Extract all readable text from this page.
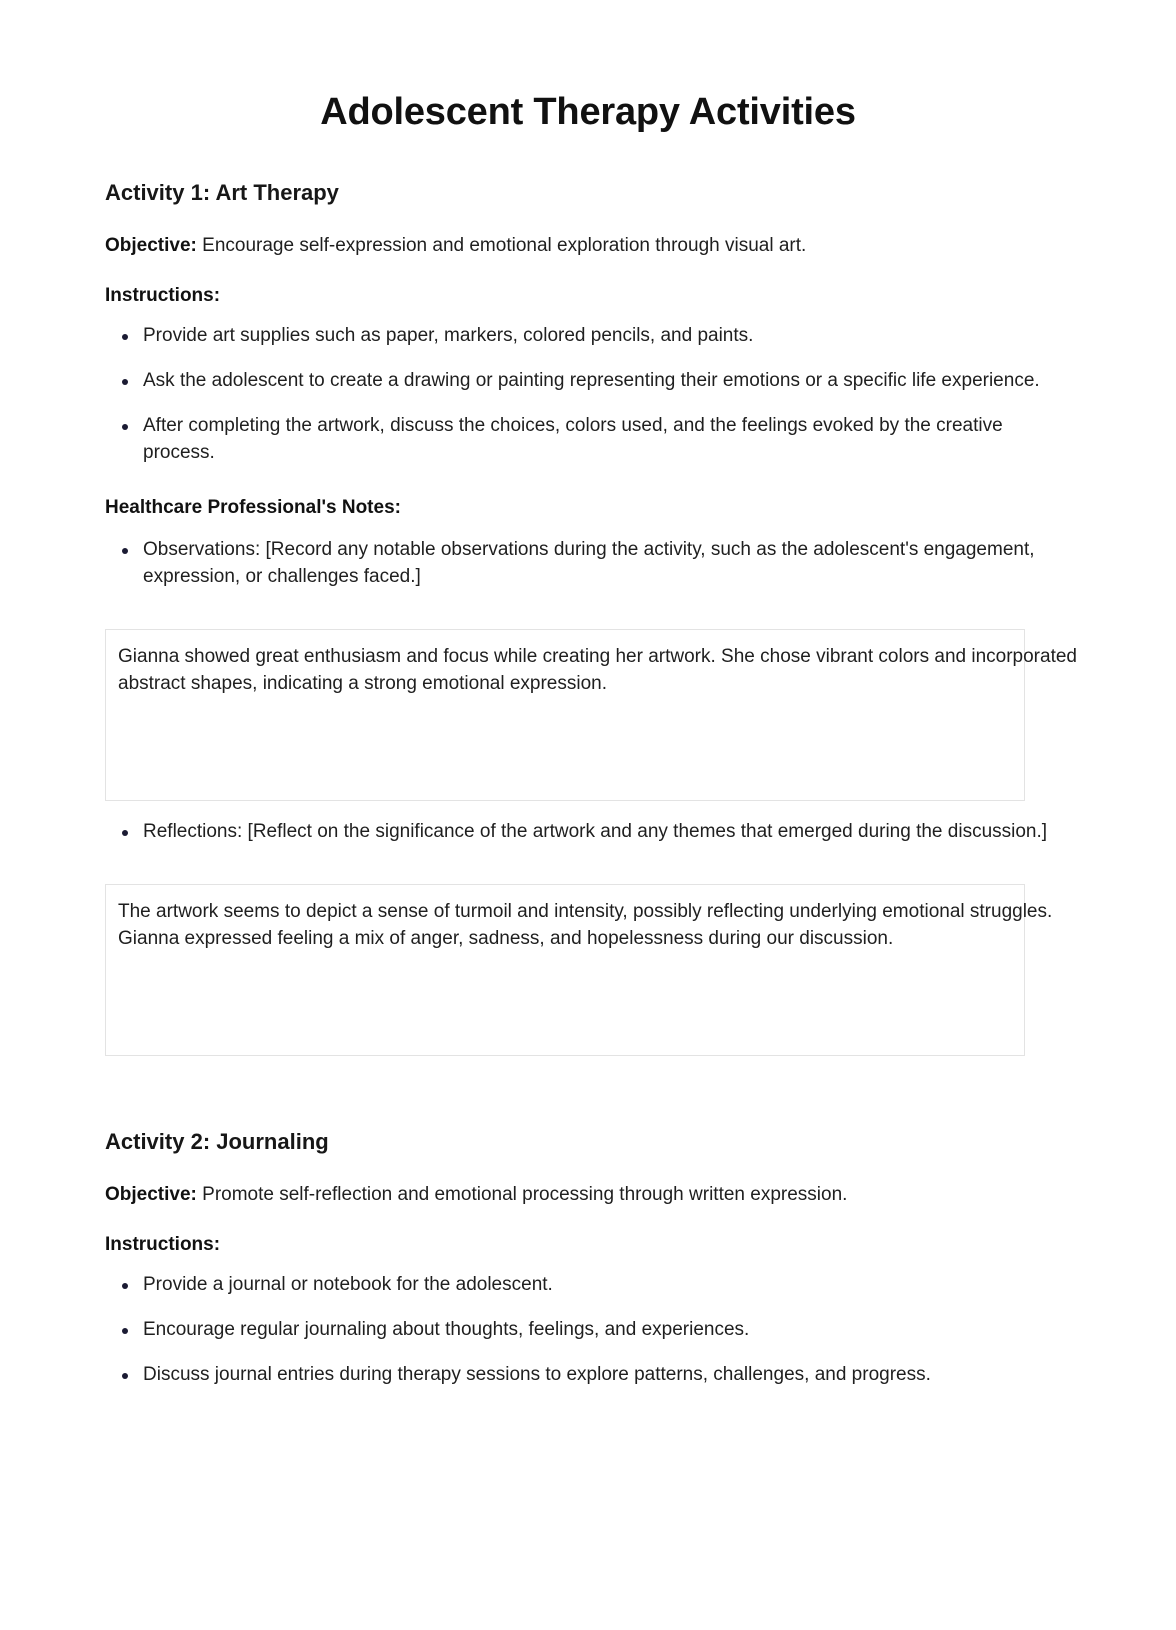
Adolescent Therapy Activities
Activity 1: Art Therapy

Objective: Encourage self-expression and emotional exploration through visual art.

Instructions:

Provide art supplies such as paper, markers, colored pencils, and paints.
Ask the adolescent to create a drawing or painting representing their emotions or a specific life experience.
After completing the artwork, discuss the choices, colors used, and the feelings evoked by the creative process.

Healthcare Professional's Notes:

Observations: [Record any notable observations during the activity, such as the adolescent's engagement, expression, or challenges faced.]
Gianna showed great enthusiasm and focus while creating her artwork. She chose vibrant colors and incorporated abstract shapes, indicating a strong emotional expression.
Reflections: [Reflect on the significance of the artwork and any themes that emerged during the discussion.]
The artwork seems to depict a sense of turmoil and intensity, possibly reflecting underlying emotional struggles. Gianna expressed feeling a mix of anger, sadness, and hopelessness during our discussion.
Activity 2: Journaling

Objective: Promote self-reflection and emotional processing through written expression.

Instructions:

Provide a journal or notebook for the adolescent.
Encourage regular journaling about thoughts, feelings, and experiences.
Discuss journal entries during therapy sessions to explore patterns, challenges, and progress.
